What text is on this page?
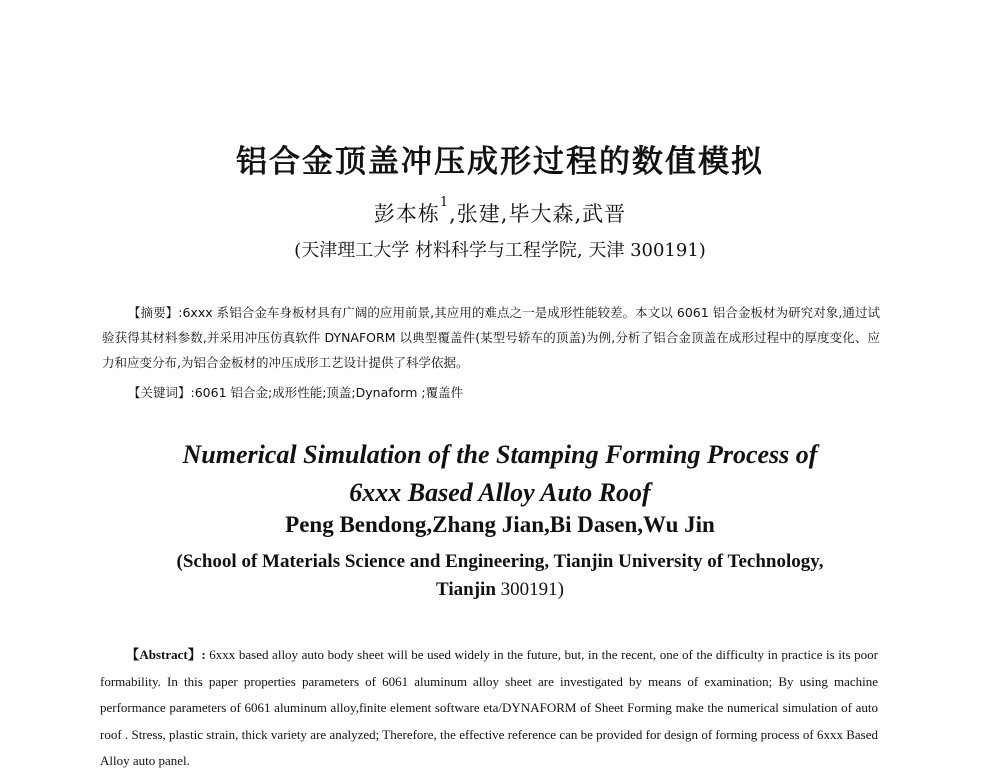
铝合金顶盖冲压成形过程的数值模拟
彭本栋$^1$,张建,毕大森,武晋
(天津理工大学 材料科学与工程学院, 天津 300191)
【摘要】:6xxx 系铝合金车身板材具有广阔的应用前景,其应用的难点之一是成形性能较差。本文以 6061 铝合金板材为研究对象,通过试验获得其材料参数,并采用冲压仿真软件 DYNAFORM 以典型覆盖件(某型号轿车的顶盖)为例,分析了铝合金顶盖在成形过程中的厚度变化、应力和应变分布,为铝合金板材的冲压成形工艺设计提供了科学依据。
【关键词】:6061 铝合金;成形性能;顶盖;Dynaform ;覆盖件
Numerical Simulation of the Stamping Forming Process of
6xxx Based Alloy Auto Roof
Peng Bendong,Zhang Jian,Bi Dasen,Wu Jin
(School of Materials Science and Engineering, Tianjin University of Technology,
Tianjin 300191)

【Abstract】: 6xxx based alloy auto body sheet will be used widely in the future, but, in the recent, one of the difficulty in practice is its poor formability. In this paper properties parameters of 6061 aluminum alloy sheet are investigated by means of examination; By using machine performance parameters of 6061 aluminum alloy,finite element software eta/DYNAFORM of Sheet Forming make the numerical simulation of auto roof . Stress, plastic strain, thick variety are analyzed; Therefore, the effective reference can be provided for design of forming process of 6xxx Based Alloy auto panel.
